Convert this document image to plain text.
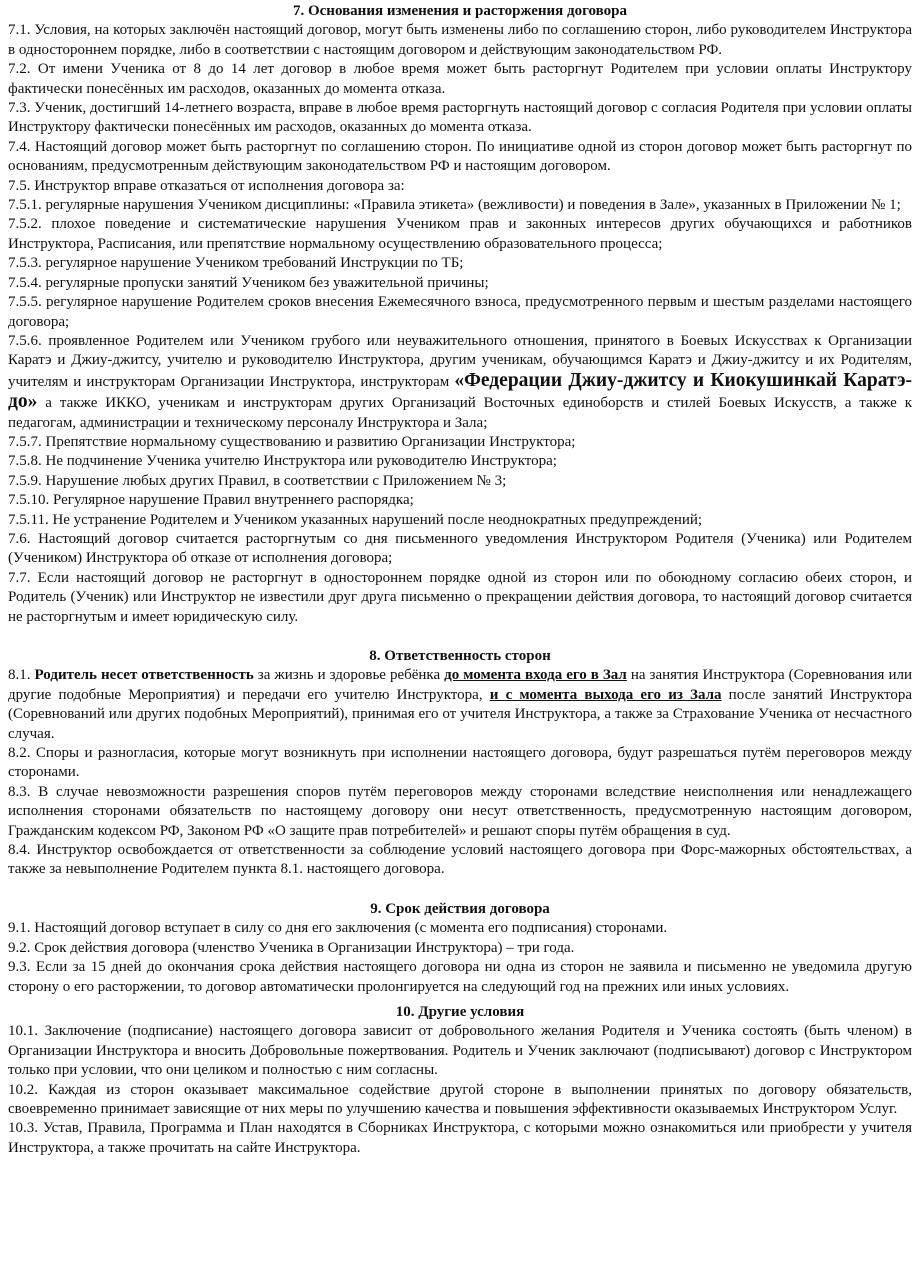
7. Основания изменения и расторжения договора

7.1. Условия, на которых заключён настоящий договор, могут быть изменены либо по соглашению сторон, либо руководителем Инструктора в одностороннем порядке, либо в соответствии с настоящим договором и действующим законодательством РФ.

7.2. От имени Ученика от 8 до 14 лет договор в любое время может быть расторгнут Родителем при условии оплаты Инструктору фактически понесённых им расходов, оказанных до момента отказа.

7.3. Ученик, достигший 14-летнего возраста, вправе в любое время расторгнуть настоящий договор с согласия Родителя при условии оплаты Инструктору фактически понесённых им расходов, оказанных до момента отказа.

7.4. Настоящий договор может быть расторгнут по соглашению сторон. По инициативе одной из сторон договор может быть расторгнут по основаниям, предусмотренным действующим законодательством РФ и настоящим договором.

7.5. Инструктор вправе отказаться от исполнения договора за:

7.5.1. регулярные нарушения Учеником дисциплины: «Правила этикета» (вежливости) и поведения в Зале», указанных в Приложении № 1;

7.5.2. плохое поведение и систематические нарушения Учеником прав и законных интересов других обучающихся и работников Инструктора, Расписания, или препятствие нормальному осуществлению образовательного процесса;

7.5.3. регулярное нарушение Учеником требований Инструкции по ТБ;

7.5.4. регулярные пропуски занятий Учеником без уважительной причины;

7.5.5. регулярное нарушение Родителем сроков внесения Ежемесячного взноса, предусмотренного первым и шестым разделами настоящего договора;

7.5.6. проявленное Родителем или Учеником грубого или неуважительного отношения, принятого в Боевых Искусствах к Организации Каратэ и Джиу-джитсу, учителю и руководителю Инструктора, другим ученикам, обучающимся Каратэ и Джиу-джитсу и их Родителям, учителям и инструкторам Организации Инструктора, инструкторам «Федерации Джиу-джитсу и Киокушинкай Каратэ-до» а также ИККО, ученикам и инструкторам других Организаций Восточных единоборств и стилей Боевых Искусств, а также к педагогам, администрации и техническому персоналу Инструктора и Зала;

7.5.7. Препятствие нормальному существованию и развитию Организации Инструктора;

7.5.8. Не подчинение Ученика учителю Инструктора или руководителю Инструктора;

7.5.9. Нарушение любых других Правил, в соответствии с Приложением № 3;

7.5.10. Регулярное нарушение Правил внутреннего распорядка;

7.5.11. Не устранение Родителем и Учеником указанных нарушений после неоднократных предупреждений;

7.6. Настоящий договор считается расторгнутым со дня письменного уведомления Инструктором Родителя (Ученика) или Родителем (Учеником) Инструктора об отказе от исполнения договора;

7.7. Если настоящий договор не расторгнут в одностороннем порядке одной из сторон или по обоюдному согласию обеих сторон, и Родитель (Ученик) или Инструктор не известили друг друга письменно о прекращении действия договора, то настоящий договор считается не расторгнутым и имеет юридическую силу.

8. Ответственность сторон

8.1. Родитель несет ответственность за жизнь и здоровье ребёнка до момента входа его в Зал на занятия Инструктора (Соревнования или другие подобные Мероприятия) и передачи его учителю Инструктора, и с момента выхода его из Зала после занятий Инструктора (Соревнований или других подобных Мероприятий), принимая его от учителя Инструктора, а также за Страхование Ученика от несчастного случая.

8.2. Споры и разногласия, которые могут возникнуть при исполнении настоящего договора, будут разрешаться путём переговоров между сторонами.

8.3. В случае невозможности разрешения споров путём переговоров между сторонами вследствие неисполнения или ненадлежащего исполнения сторонами обязательств по настоящему договору они несут ответственность, предусмотренную настоящим договором, Гражданским кодексом РФ, Законом РФ «О защите прав потребителей» и решают споры путём обращения в суд.

8.4. Инструктор освобождается от ответственности за соблюдение условий настоящего договора при Форс-мажорных обстоятельствах, а также за невыполнение Родителем пункта 8.1. настоящего договора.

9. Срок действия договора

9.1. Настоящий договор вступает в силу со дня его заключения (с момента его подписания) сторонами.

9.2. Срок действия договора (членство Ученика в Организации Инструктора) – три года.

9.3. Если за 15 дней до окончания срока действия настоящего договора ни одна из сторон не заявила и письменно не уведомила другую сторону о его расторжении, то договор автоматически пролонгируется на следующий год на прежних или иных условиях.

10. Другие условия

10.1. Заключение (подписание) настоящего договора зависит от добровольного желания Родителя и Ученика состоять (быть членом) в Организации Инструктора и вносить Добровольные пожертвования. Родитель и Ученик заключают (подписывают) договор с Инструктором только при условии, что они целиком и полностью с ним согласны.

10.2. Каждая из сторон оказывает максимальное содействие другой стороне в выполнении принятых по договору обязательств, своевременно принимает зависящие от них меры по улучшению качества и повышения эффективности оказываемых Инструктором Услуг.

10.3. Устав, Правила, Программа и План находятся в Сборниках Инструктора, с которыми можно ознакомиться или приобрести у учителя Инструктора, а также прочитать на сайте Инструктора.
